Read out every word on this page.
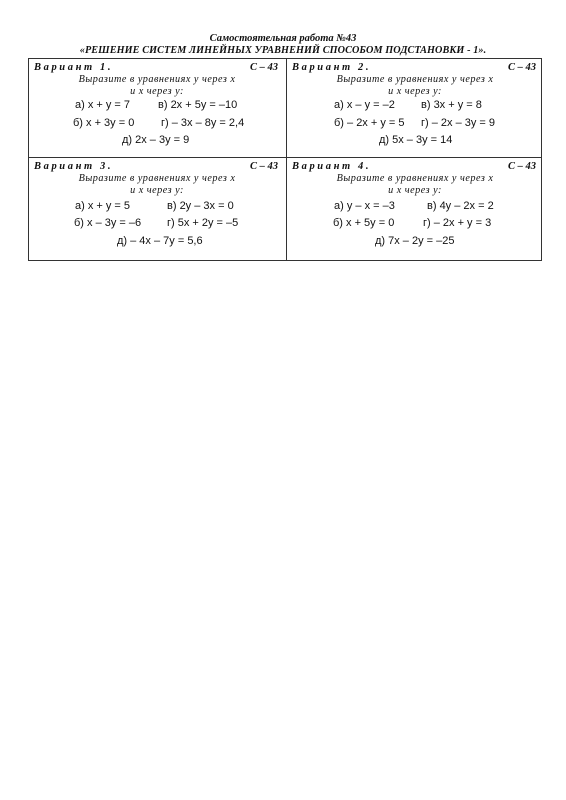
Самостоятельная работа №43
«РЕШЕНИЕ СИСТЕМ ЛИНЕЙНЫХ УРАВНЕНИЙ СПОСОБОМ ПОДСТАНОВКИ - 1».
Вариант 1.	С – 43
Выразите в уравнениях у через х
и х через у:
а) x + y = 7	в) 2x + 5y = –10
б) x + 3y = 0 г) – 3x – 8y = 2,4
д) 2x – 3y = 9
Вариант 2.	С – 43
Выразите в уравнениях у через х
и х через у:
а) x – y = –2 в) 3x + y = 8
б) – 2x + y = 5 г) – 2x – 3y = 9
д) 5x – 3y = 14
Вариант 3.	С – 43
Выразите в уравнениях у через х
и х через у:
а) x + y = 5	в) 2y – 3x = 0
б) x – 3y = –6 г) 5x + 2y = –5
д) – 4x – 7y = 5,6
Вариант 4.	С – 43
Выразите в уравнениях у через х
и х через у:
а) y – x = –3	в) 4y – 2x = 2
б) x + 5y = 0	г) – 2x + y = 3
д) 7x – 2y = –25
